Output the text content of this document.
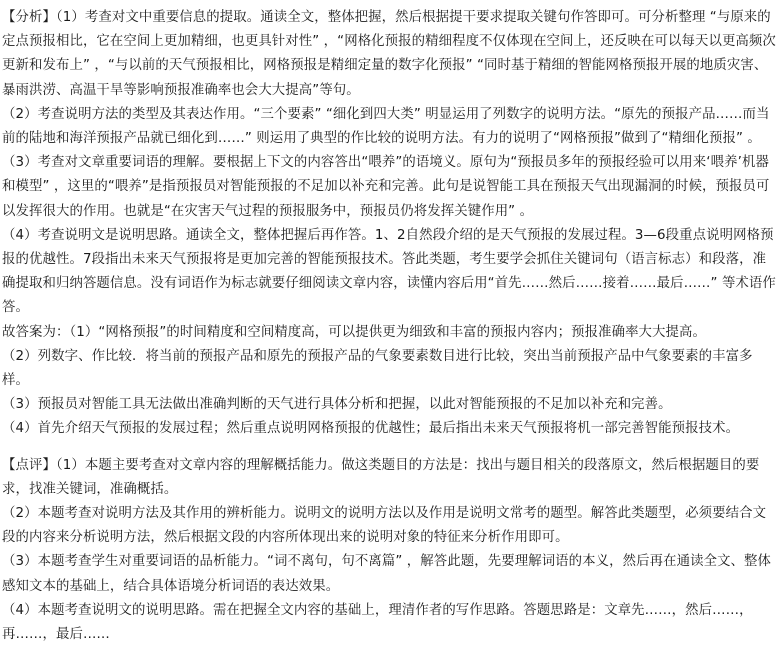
【分析】（1）考查对文中重要信息的提取。通读全文，整体把握，然后根据提干要求提取关键句作答即可。可分析整理 “与原来的定点预报相比，它在空间上更加精细，也更具针对性” ，“网格化预报的精细程度不仅体现在空间上，还反映在可以每天以更高频次更新和发布上” ，“与以前的天气预报相比，网格预报是精细定量的数字化预报” “同时基于精细的智能网格预报开展的地质灾害、暴雨洪涝、高温干旱等影响预报准确率也会大大提高”等句。

（2）考查说明方法的类型及其表达作用。“三个要素” “细化到四大类” 明显运用了列数字的说明方法。“原先的预报产品……而当前的陆地和海洋预报产品就已细化到……” 则运用了典型的作比较的说明方法。有力的说明了“网格预报”做到了“精细化预报” 。

（3）考查对文章重要词语的理解。要根据上下文的内容答出“喂养”的语境义。原句为“预报员多年的预报经验可以用来‘喂养’机器和模型” ，这里的“喂养”是指预报员对智能预报的不足加以补充和完善。此句是说智能工具在预报天气出现漏洞的时候，预报员可以发挥很大的作用。也就是“在灾害天气过程的预报服务中，预报员仍将发挥关键作用” 。

（4）考查说明文是说明思路。通读全文，整体把握后再作答。1、2自然段介绍的是天气预报的发展过程。3—6段重点说明网格预报的优越性。7段指出未来天气预报将是更加完善的智能预报技术。答此类题，考生要学会抓住关键词句（语言标志）和段落，准确提取和归纳答题信息。没有词语作为标志就要仔细阅读文章内容，读懂内容后用“首先……然后……接着……最后……” 等术语作答。

故答案为：（1）“网格预报”的时间精度和空间精度高，可以提供更为细致和丰富的预报内容内；预报准确率大大提高。

（2）列数字、作比较．将当前的预报产品和原先的预报产品的气象要素数目进行比较，突出当前预报产品中气象要素的丰富多样。

（3）预报员对智能工具无法做出准确判断的天气进行具体分析和把握，以此对智能预报的不足加以补充和完善。

（4）首先介绍天气预报的发展过程；然后重点说明网格预报的优越性；最后指出未来天气预报将机一部完善智能预报技术。

【点评】（1）本题主要考查对文章内容的理解概括能力。做这类题目的方法是：找出与题目相关的段落原文，然后根据题目的要求，找准关键词，准确概括。

（2）本题考查对说明方法及其作用的辨析能力。说明文的说明方法以及作用是说明文常考的题型。解答此类题型，必须要结合文段的内容来分析说明方法，然后根据文段的内容所体现出来的说明对象的特征来分析作用即可。

（3）本题考查学生对重要词语的品析能力。“词不离句，句不离篇” ，解答此题，先要理解词语的本义，然后再在通读全文、整体感知文本的基础上，结合具体语境分析词语的表达效果。

（4）本题考查说明文的说明思路。需在把握全文内容的基础上，理清作者的写作思路。答题思路是：文章先……，然后……，再……，最后……
